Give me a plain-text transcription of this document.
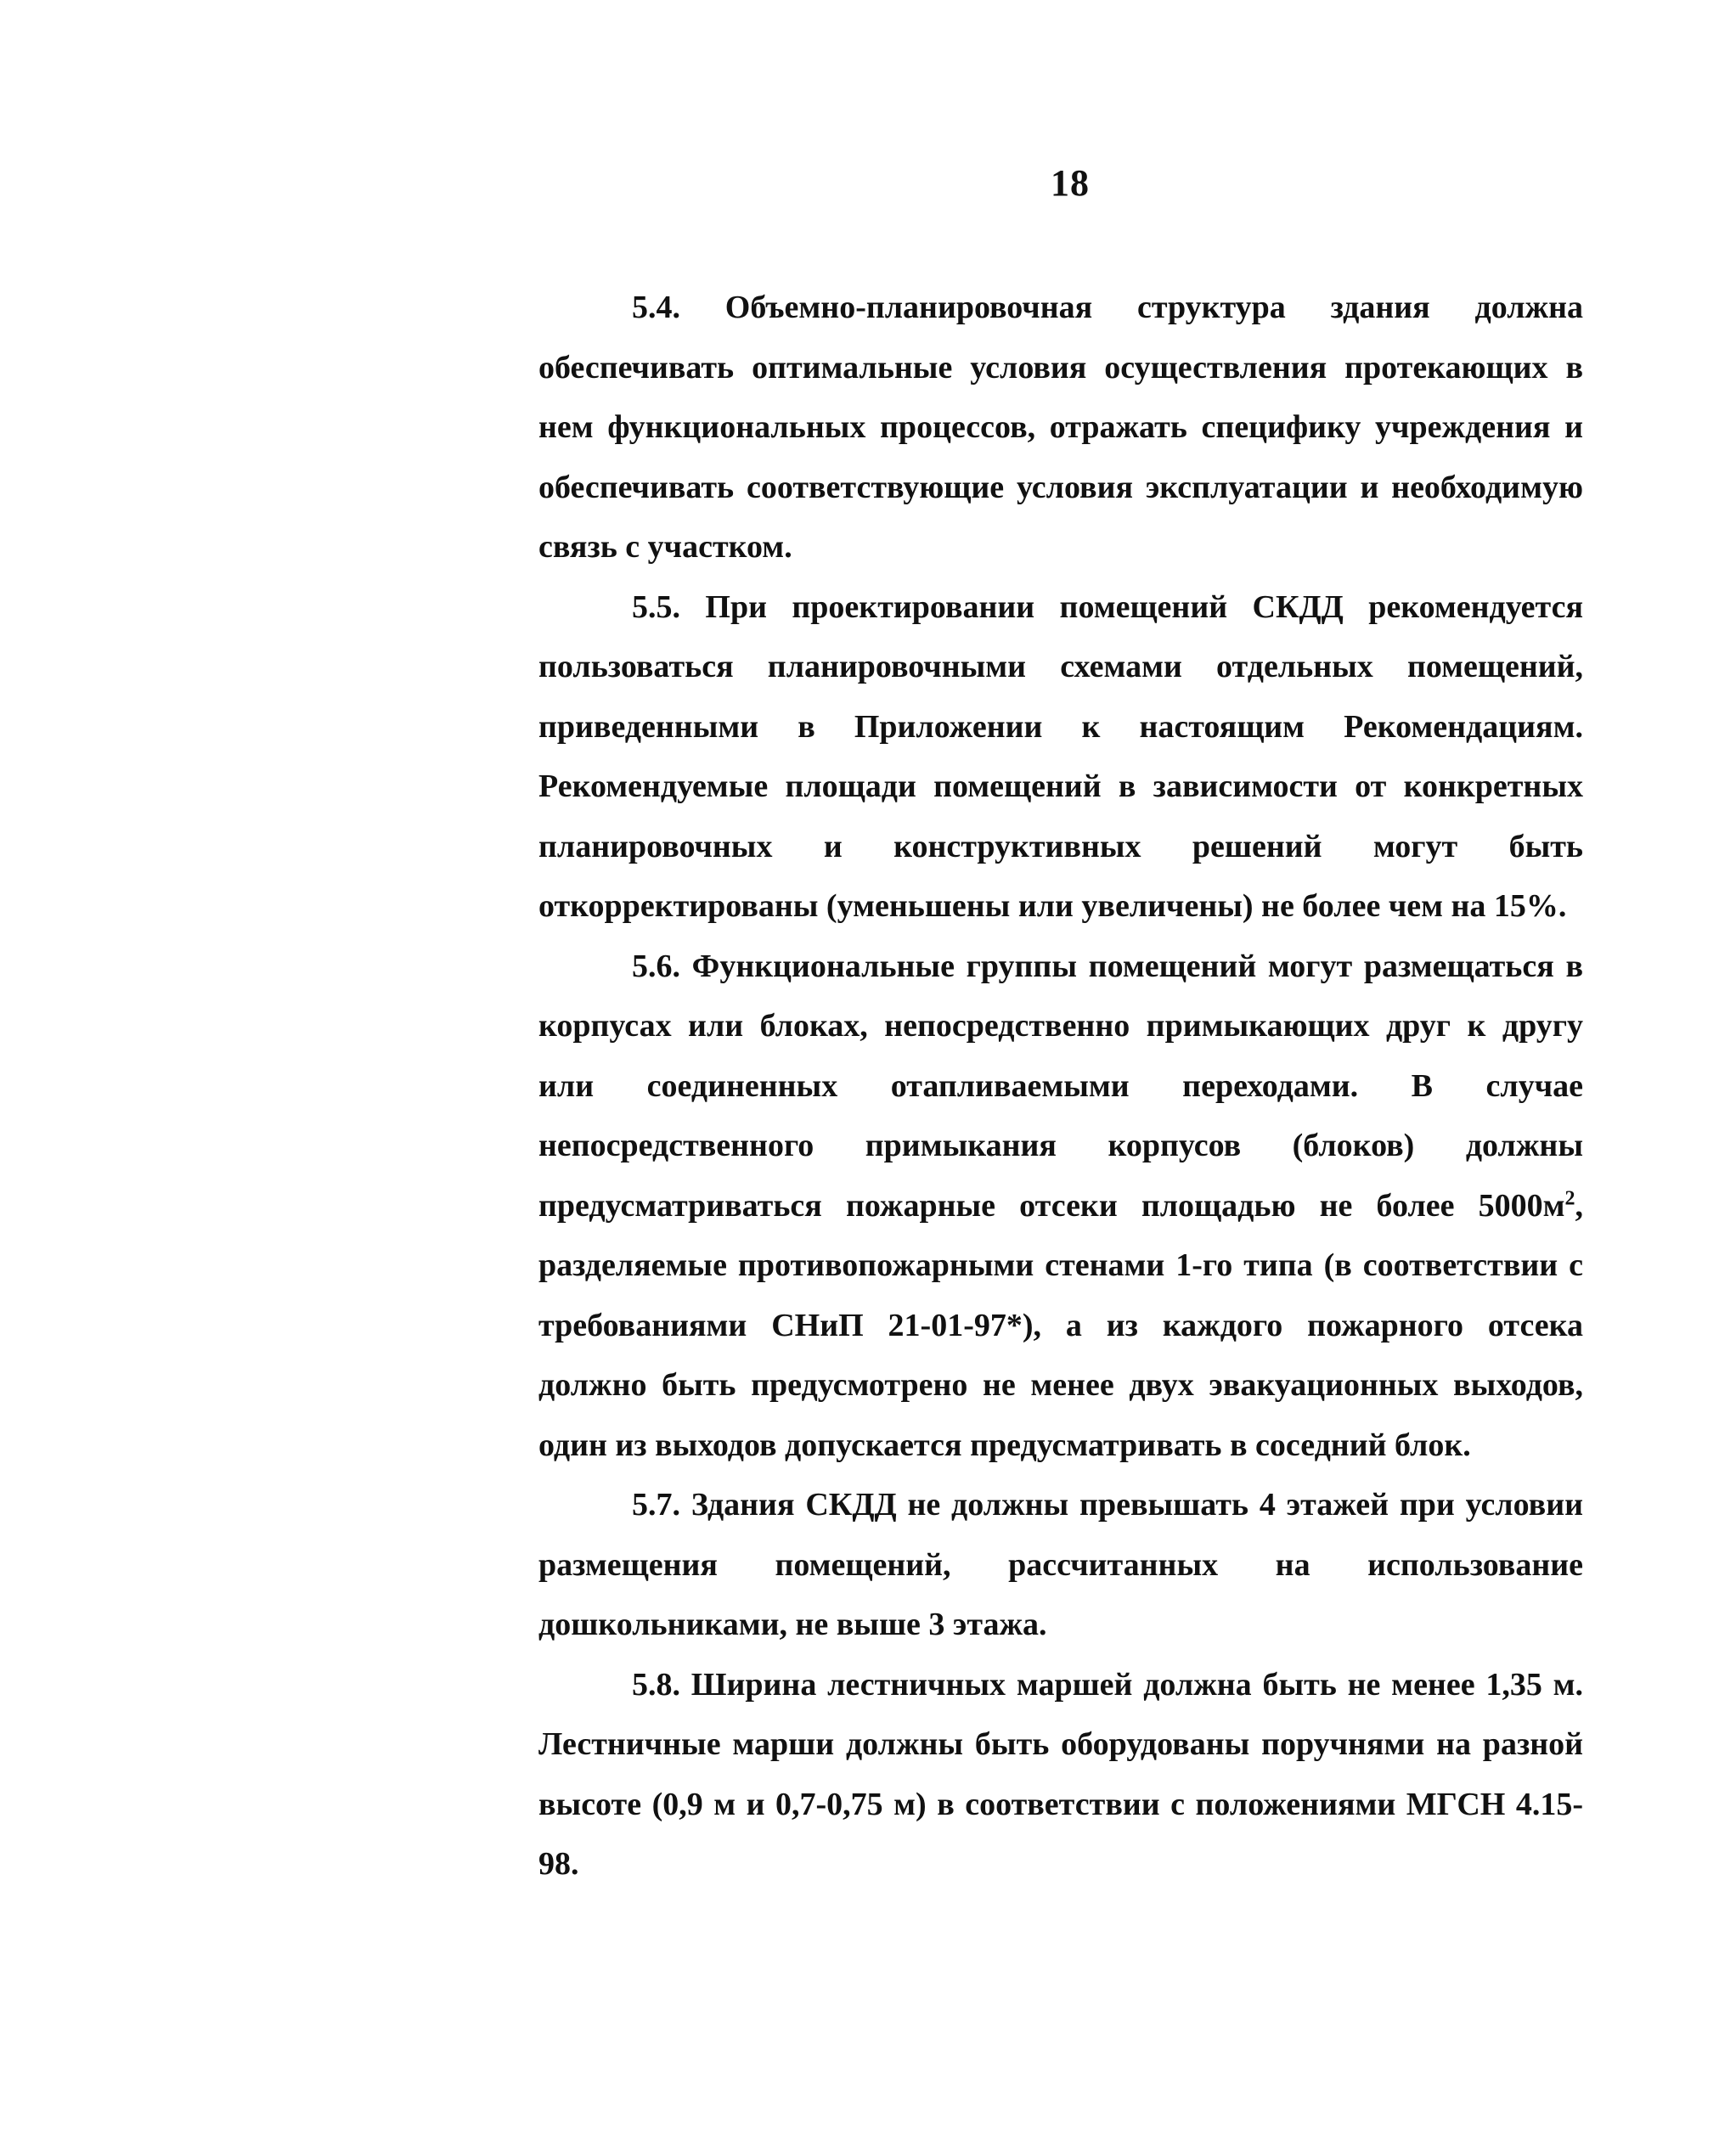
18

5.4. Объемно-планировочная структура здания должна обеспечивать оптимальные условия осуществления протекающих в нем функциональных процессов, отражать специфику учреждения и обеспечивать соответствующие условия эксплуатации и необходимую связь с участком.

5.5. При проектировании помещений СКДД рекомендуется пользоваться планировочными схемами отдельных помещений, приведенными в Приложении к настоящим Рекомендациям. Рекомендуемые площади помещений в зависимости от конкретных планировочных и конструктивных решений могут быть откорректированы (уменьшены или увеличены) не более чем на 15%.

5.6. Функциональные группы помещений могут размещаться в корпусах или блоках, непосредственно примыкающих друг к другу или соединенных отапливаемыми переходами. В случае непосредственного примыкания корпусов (блоков) должны предусматриваться пожарные отсеки площадью не более $5000м^2$, разделяемые противопожарными стенами 1-го типа (в соответствии с требованиями СНиП 21-01-97*), а из каждого пожарного отсека должно быть предусмотрено не менее двух эвакуационных выходов, один из выходов допускается предусматривать в соседний блок.

5.7. Здания СКДД не должны превышать 4 этажей при условии размещения помещений, рассчитанных на использование дошкольниками, не выше 3 этажа.

5.8. Ширина лестничных маршей должна быть не менее 1,35 м. Лестничные марши должны быть оборудованы поручнями на разной высоте (0,9 м и 0,7-0,75 м) в соответствии с положениями МГСН 4.15-98.
